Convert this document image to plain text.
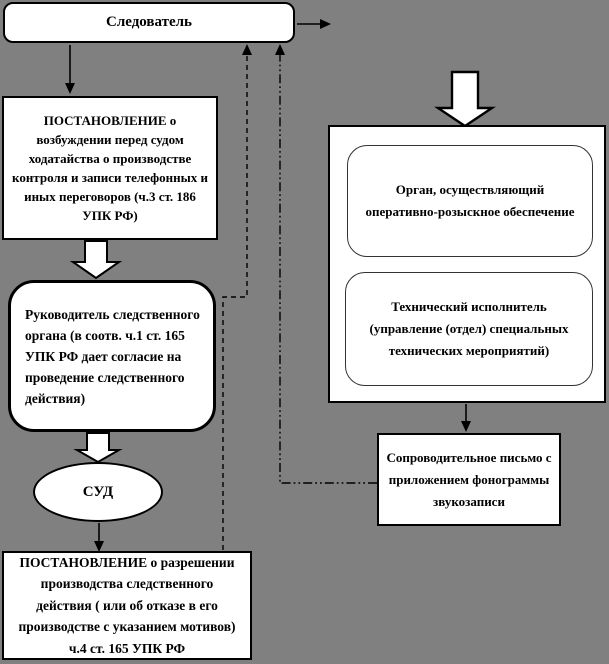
Следователь
ПОСТАНОВЛЕНИЕ о возбуждении перед судом ходатайства о производстве контроля и записи телефонных и иных переговоров (ч.3 ст. 186 УПК РФ)
Руководитель следственного органа (в соотв. ч.1 ст. 165 УПК РФ дает согласие на проведение следственного действия)
СУД
ПОСТАНОВЛЕНИЕ о разрешении производства следственного действия ( или об отказе в его производстве с указанием мотивов) ч.4 ст. 165 УПК РФ
Орган, осуществляющий оперативно-розыскное обеспечение
Технический исполнитель (управление (отдел) специальных технических мероприятий)
Сопроводительное письмо с приложением фонограммы звукозаписи
